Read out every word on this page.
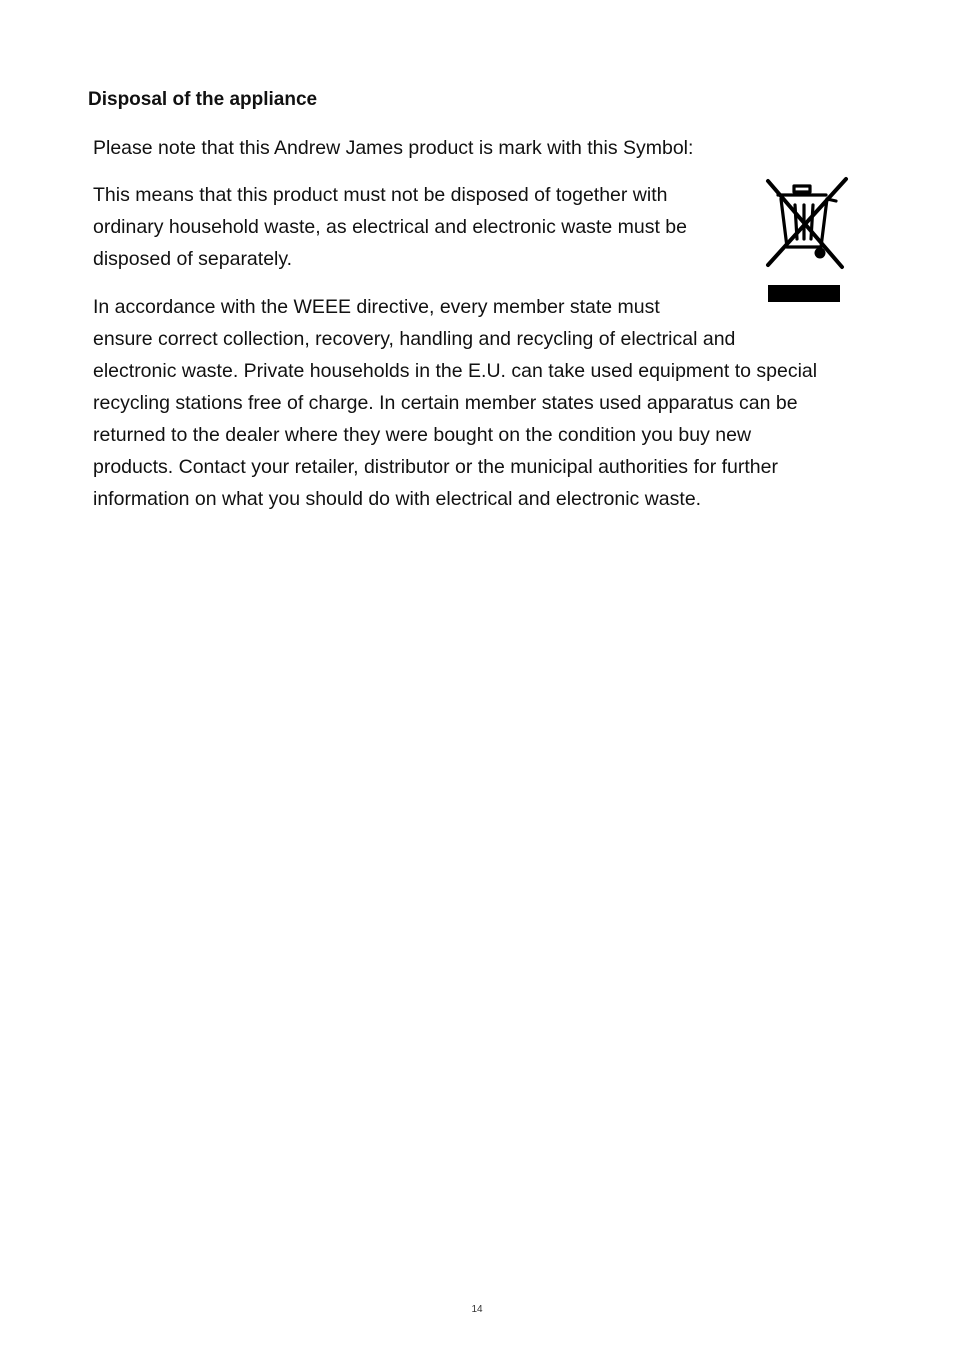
Disposal of the appliance

Please note that this Andrew James product is mark with this Symbol:

This means that this product must not be disposed of together with ordinary household waste, as electrical and electronic waste must be disposed of separately.

In accordance with the WEEE directive, every member state must
ensure correct collection, recovery, handling and recycling of electrical and
electronic waste. Private households in the E.U. can take used equipment to special
recycling stations free of charge. In certain member states used apparatus can be
returned to the dealer where they were bought on the condition you buy new
products. Contact your retailer, distributor or the municipal authorities for further
information on what you should do with electrical and electronic waste.

14
